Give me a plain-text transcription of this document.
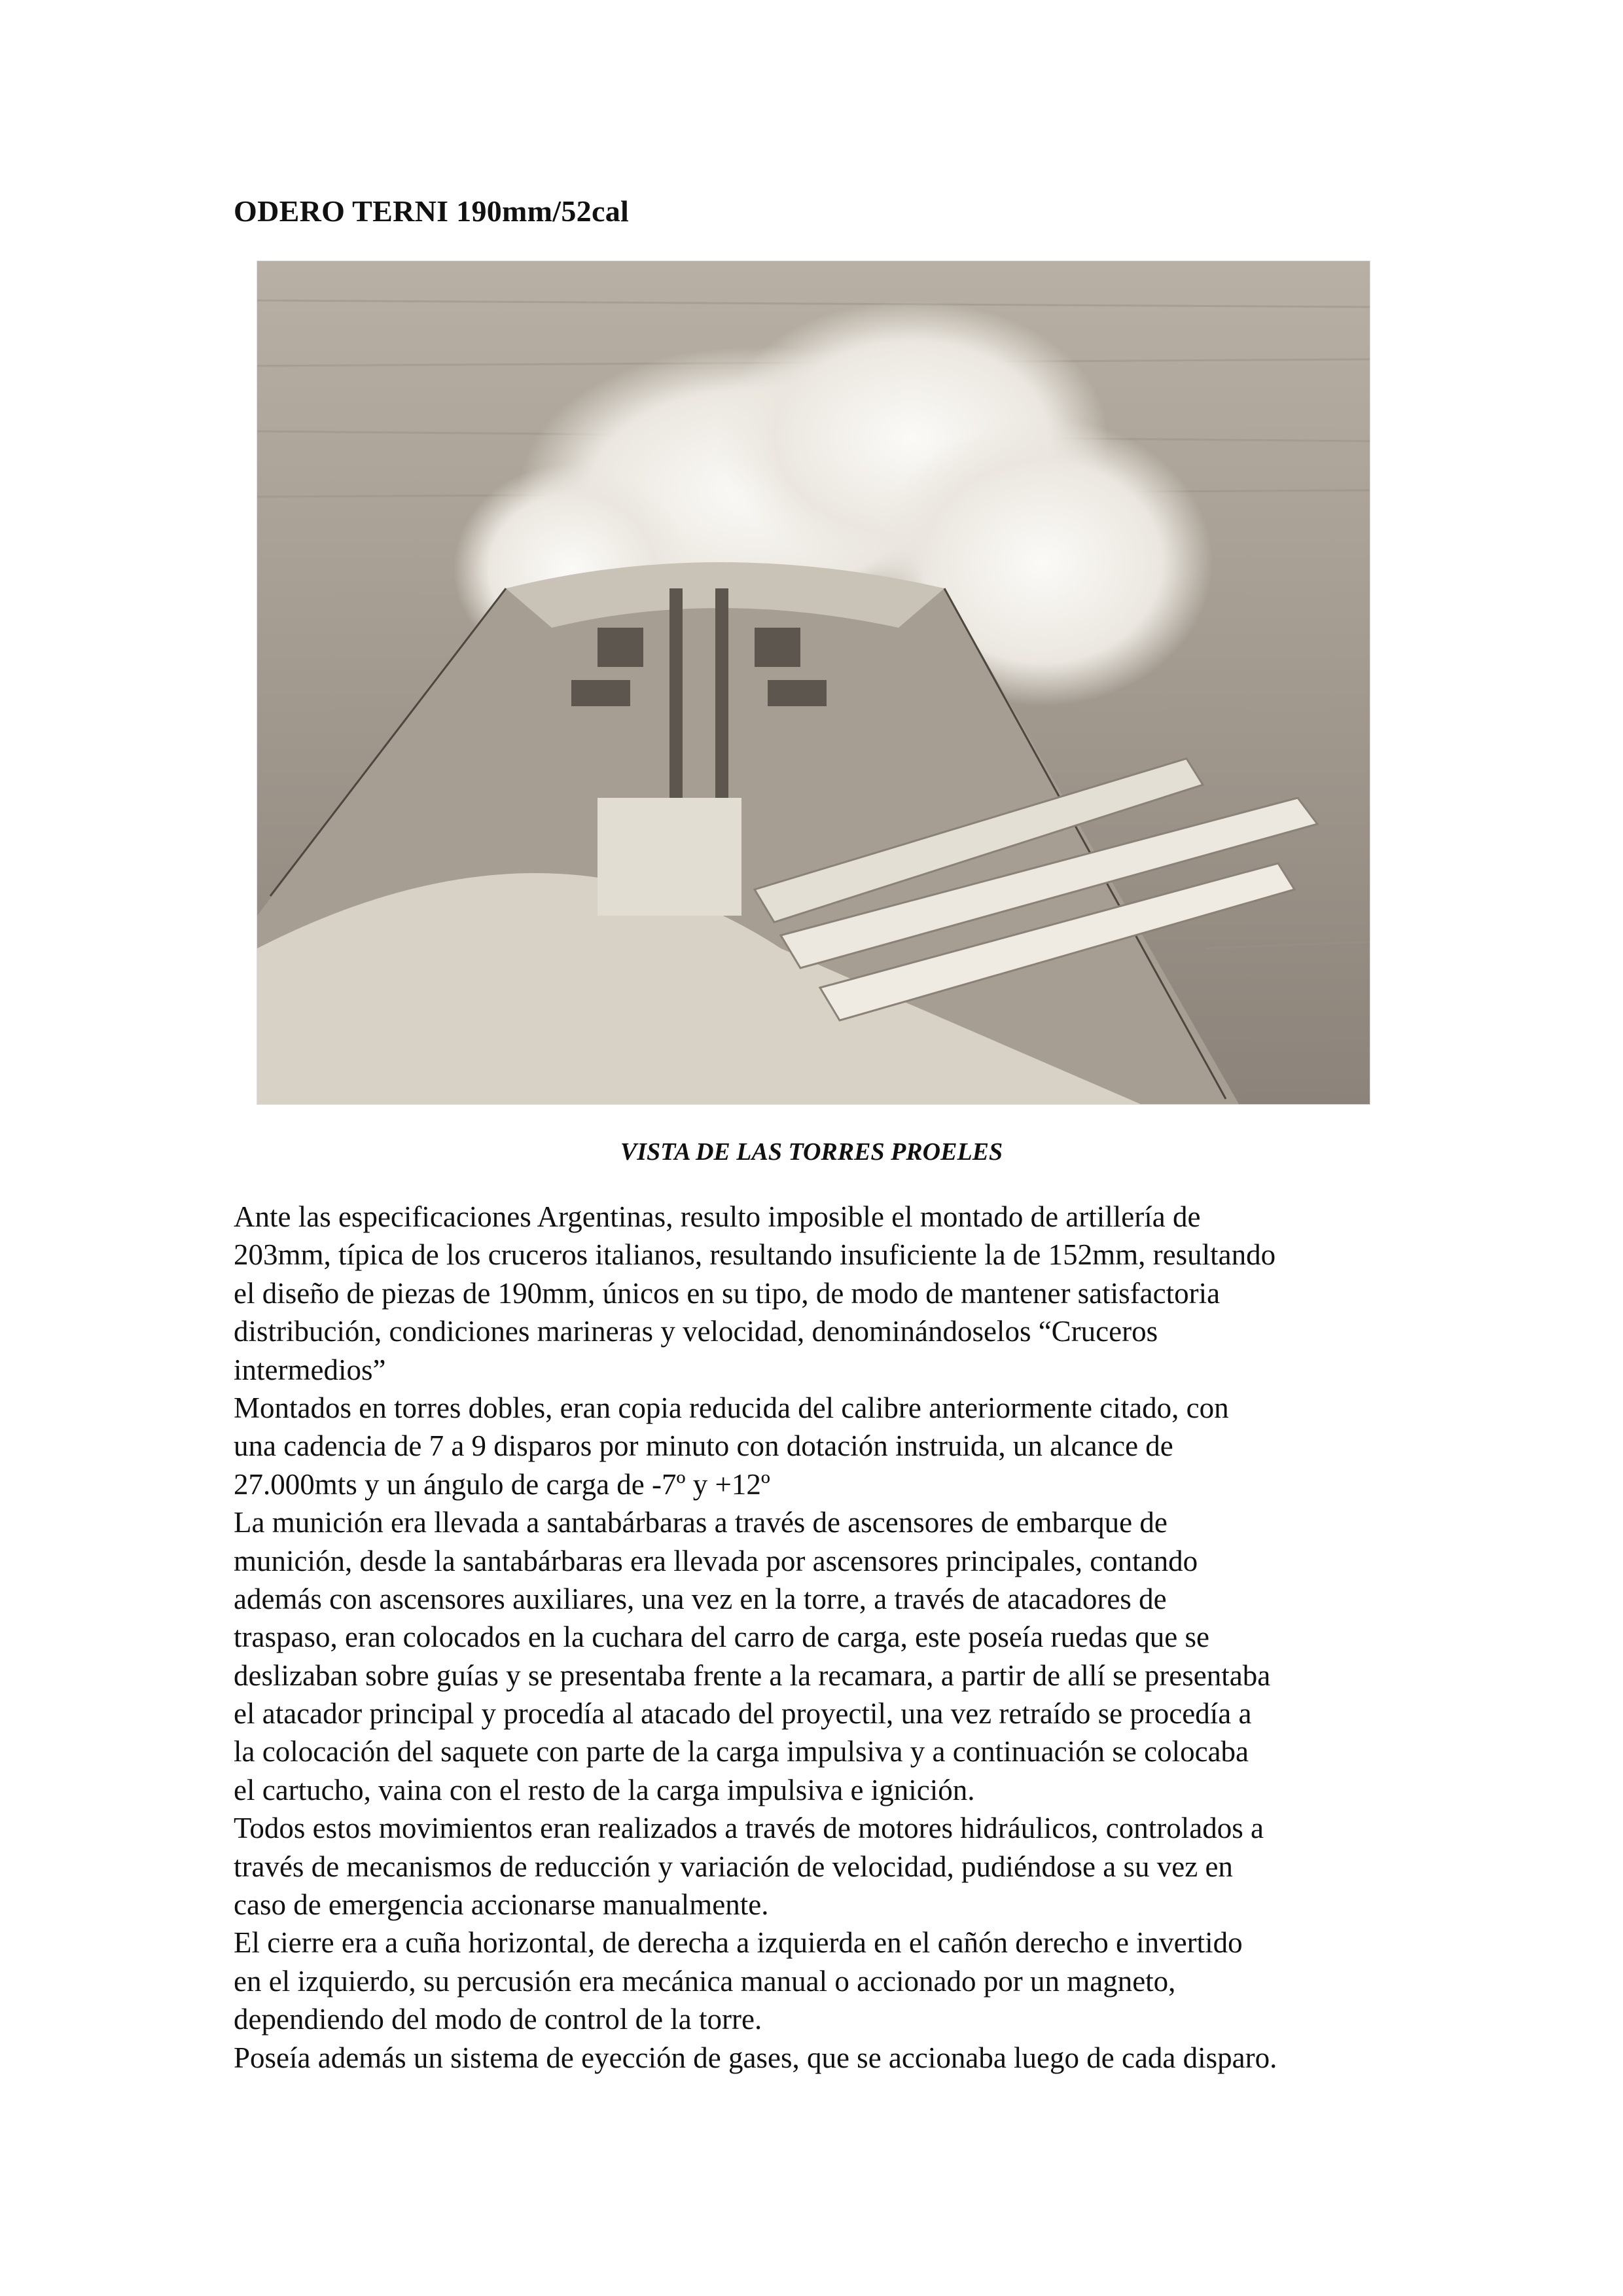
ODERO TERNI 190mm/52cal
VISTA DE LAS TORRES PROELES
Ante las especificaciones Argentinas, resulto imposible el montado de artillería de
203mm, típica de los cruceros italianos, resultando insuficiente la de 152mm, resultando
el diseño de piezas de 190mm, únicos en su tipo, de modo de mantener satisfactoria
distribución, condiciones marineras y velocidad, denominándoselos “Cruceros
intermedios”
Montados en torres dobles, eran copia reducida del calibre anteriormente citado, con
una cadencia de 7 a 9 disparos por minuto con dotación instruida, un alcance de
27.000mts y un ángulo de carga de -7º y +12º
La munición era llevada a santabárbaras a través de ascensores de embarque de
munición, desde la santabárbaras era llevada por ascensores principales, contando
además con ascensores auxiliares, una vez en la torre, a través de atacadores de
traspaso, eran colocados en la cuchara del carro de carga, este poseía ruedas que se
deslizaban sobre guías y se presentaba frente a la recamara, a partir de allí se presentaba
el atacador principal y procedía al atacado del proyectil, una vez retraído se procedía a
la colocación del saquete con parte de la carga impulsiva y a continuación se colocaba
el cartucho, vaina con el resto de la carga impulsiva e ignición.
Todos estos movimientos eran realizados a través de motores hidráulicos, controlados a
través de mecanismos de reducción y variación de velocidad, pudiéndose a su vez en
caso de emergencia accionarse manualmente.
El cierre era a cuña horizontal, de derecha a izquierda en el cañón derecho e invertido
en el izquierdo, su percusión era mecánica manual o accionado por un magneto,
dependiendo del modo de control de la torre.
Poseía además un sistema de eyección de gases, que se accionaba luego de cada disparo.
